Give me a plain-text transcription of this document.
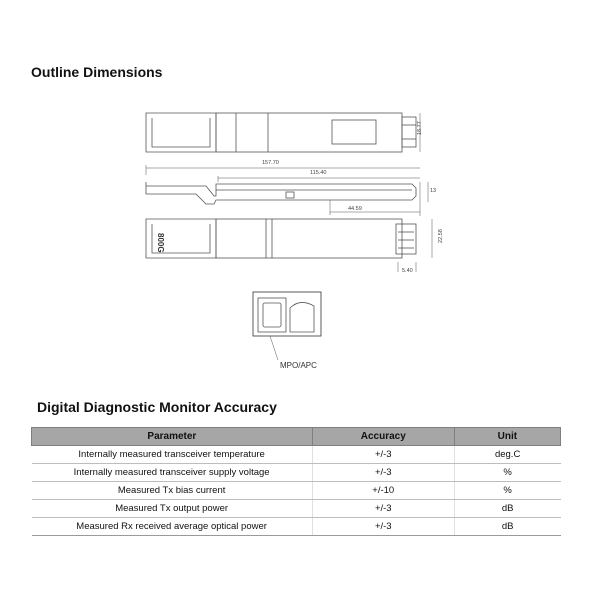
Outline Dimensions
18.77
157.70
115.40
13
44.59
22.58
5.40
800G
MPO/APC
Digital Diagnostic Monitor Accuracy
Parameter	Accuracy	Unit
Internally measured transceiver temperature	+/-3	deg.C
Internally measured transceiver supply voltage	+/-3	%
Measured Tx bias current	+/-10	%
Measured Tx output power	+/-3	dB
Measured Rx received average optical power	+/-3	dB
